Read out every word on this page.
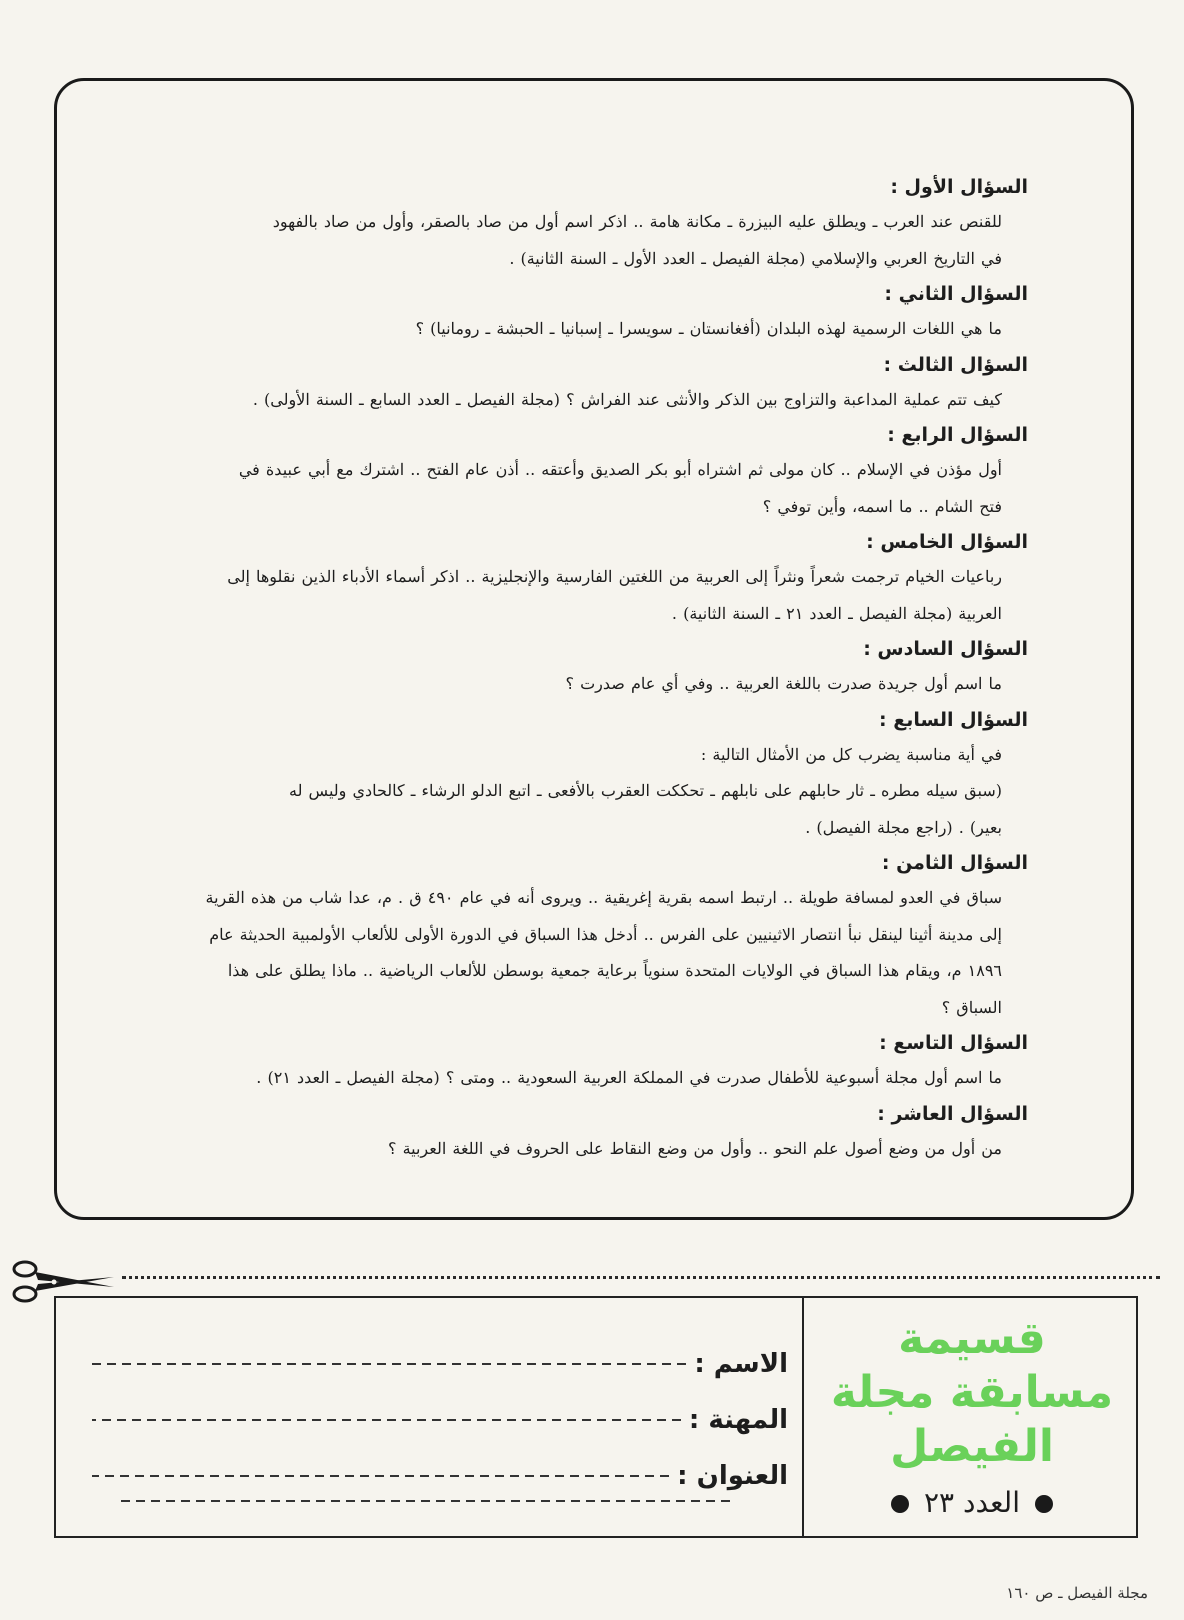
السؤال الأول :

للقنص عند العرب ـ ويطلق عليه البيزرة ـ مكانة هامة .. اذكر اسم أول من صاد بالصقر، وأول من صاد بالفهود

في التاريخ العربي والإسلامي (مجلة الفيصل ـ العدد الأول ـ السنة الثانية) .

السؤال الثاني :

ما هي اللغات الرسمية لهذه البلدان (أفغانستان ـ سويسرا ـ إسبانيا ـ الحبشة ـ رومانيا) ؟

السؤال الثالث :

كيف تتم عملية المداعبة والتزاوج بين الذكر والأنثى عند الفراش ؟ (مجلة الفيصل ـ العدد السابع ـ السنة الأولى) .

السؤال الرابع :

أول مؤذن في الإسلام .. كان مولى ثم اشتراه أبو بكر الصديق وأعتقه .. أذن عام الفتح .. اشترك مع أبي عبيدة في

فتح الشام .. ما اسمه، وأين توفي ؟

السؤال الخامس :

رباعيات الخيام ترجمت شعراً ونثراً إلى العربية من اللغتين الفارسية والإنجليزية .. اذكر أسماء الأدباء الذين نقلوها إلى

العربية (مجلة الفيصل ـ العدد ٢١ ـ السنة الثانية) .

السؤال السادس :

ما اسم أول جريدة صدرت باللغة العربية .. وفي أي عام صدرت ؟

السؤال السابع :

في أية مناسبة يضرب كل من الأمثال التالية :

(سبق سيله مطره ـ ثار حابلهم على نابلهم ـ تحككت العقرب بالأفعى ـ اتبع الدلو الرشاء ـ كالحادي وليس له

بعير) . (راجع مجلة الفيصل) .

السؤال الثامن :

سباق في العدو لمسافة طويلة .. ارتبط اسمه بقرية إغريقية .. ويروى أنه في عام ٤٩٠ ق . م، عدا شاب من هذه القرية

إلى مدينة أثينا لينقل نبأ انتصار الاثينيين على الفرس .. أدخل هذا السباق في الدورة الأولى للألعاب الأولمبية الحديثة عام

١٨٩٦ م، ويقام هذا السباق في الولايات المتحدة سنوياً برعاية جمعية بوسطن للألعاب الرياضية .. ماذا يطلق على هذا

السباق ؟

السؤال التاسع :

ما اسم أول مجلة أسبوعية للأطفال صدرت في المملكة العربية السعودية .. ومتى ؟ (مجلة الفيصل ـ العدد ٢١) .

السؤال العاشر :

من أول من وضع أصول علم النحو .. وأول من وضع النقاط على الحروف في اللغة العربية ؟

الاسم :
المهنة :
العنوان :
قسيمة
مسابقة مجلة
الفيصل
العدد ٢٣
مجلة الفيصل ـ ص ١٦٠
